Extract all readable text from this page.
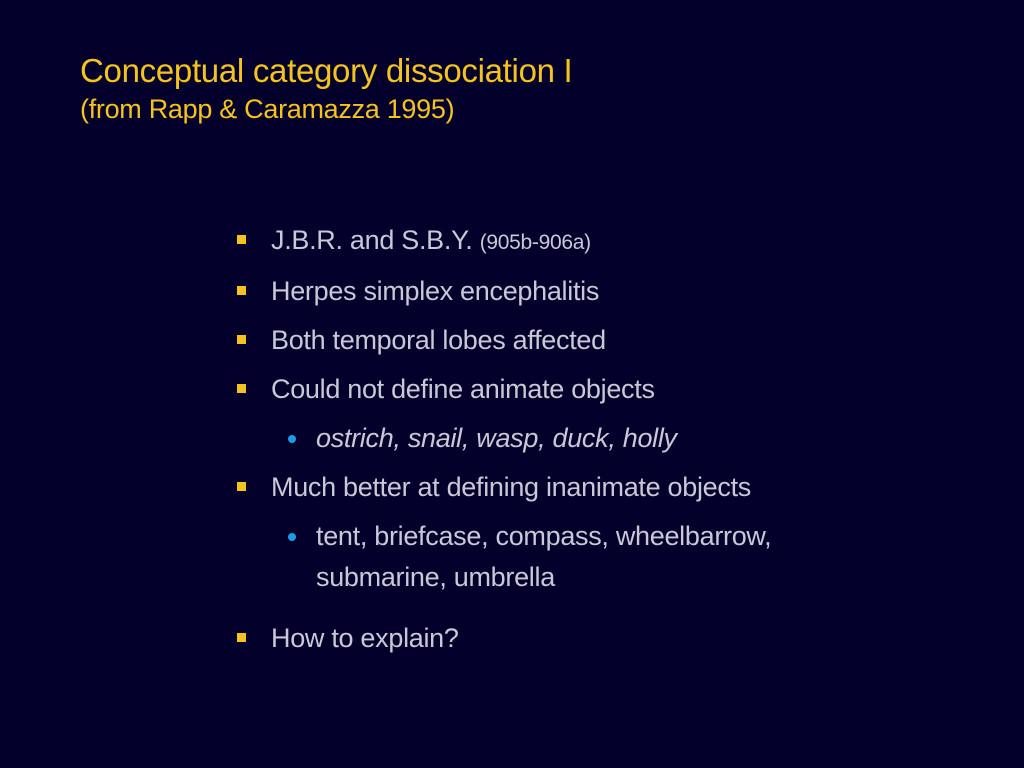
Conceptual category dissociation I
(from Rapp & Caramazza 1995)
J.B.R. and S.B.Y. (905b-906a)
Herpes simplex encephalitis
Both temporal lobes affected
Could not define animate objects
ostrich, snail, wasp, duck, holly
Much better at defining inanimate objects
tent, briefcase, compass, wheelbarrow,
submarine, umbrella
How to explain?
